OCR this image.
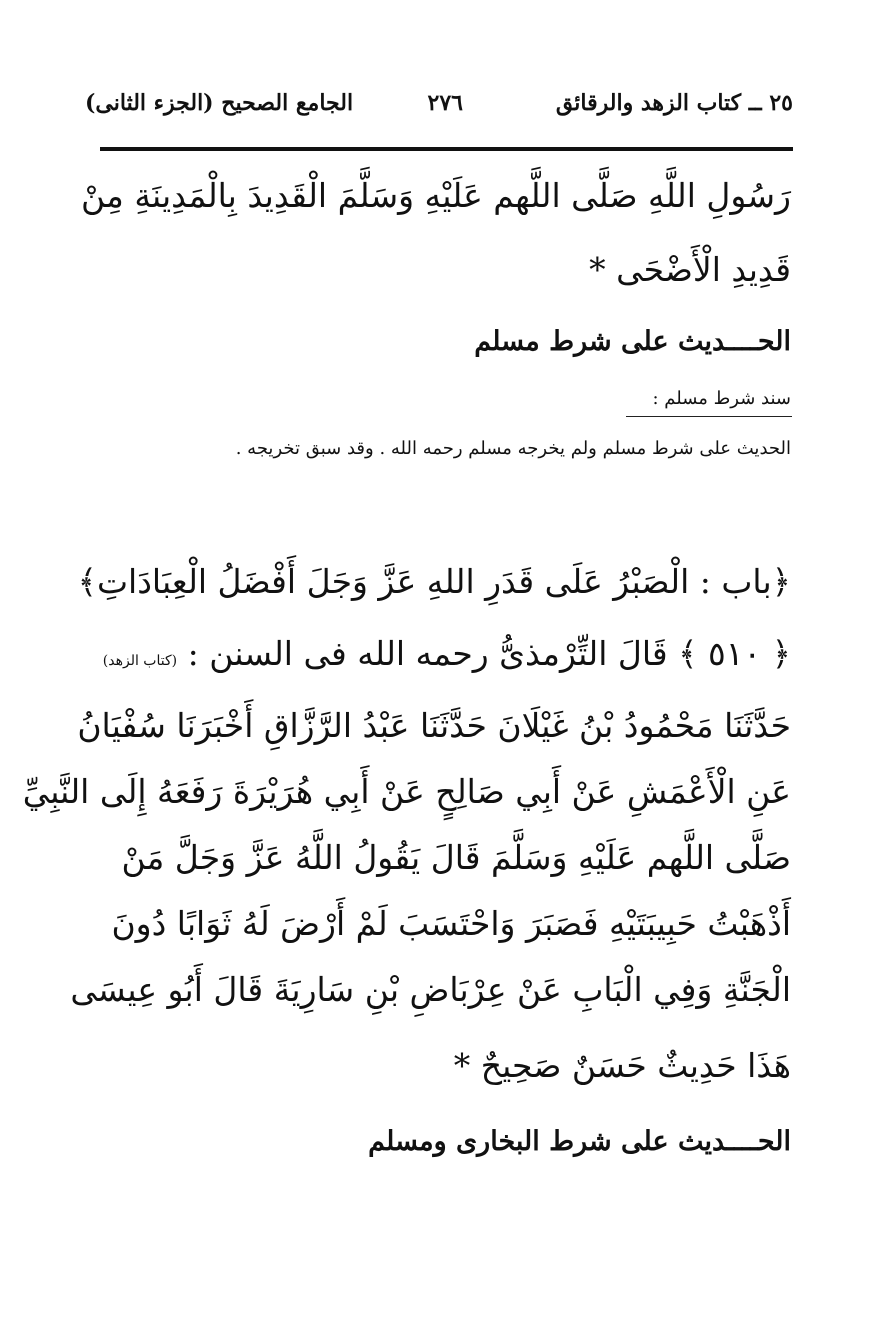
٢٥ ــ كتاب الزهد والرقائق
٢٧٦
الجامع الصحيح (الجزء الثانى)
رَسُولِ اللَّهِ صَلَّى اللَّهم عَلَيْهِ وَسَلَّمَ الْقَدِيدَ بِالْمَدِينَةِ مِنْ
قَدِيدِ الْأَضْحَى *
الحــــديث على شرط مسلم
سند شرط مسلم :
الحديث على شرط مسلم ولم يخرجه مسلم رحمه الله . وقد سبق تخريجه .
﴿باب : الْصَبْرُ عَلَى قَدَرِ اللهِ عَزَّ وَجَلَ أَفْضَلُ الْعِبَادَاتِ﴾
﴿ ٥١٠ ﴾ قَالَ التِّرْمذىُّ رحمه الله فى السنن : (كتاب الزهد)
حَدَّثَنَا مَحْمُودُ بْنُ غَيْلَانَ حَدَّثَنَا عَبْدُ الرَّزَّاقِ أَخْبَرَنَا سُفْيَانُ
عَنِ الْأَعْمَشِ عَنْ أَبِي صَالِحٍ عَنْ أَبِي هُرَيْرَةَ رَفَعَهُ إِلَى النَّبِيِّ
صَلَّى اللَّهم عَلَيْهِ وَسَلَّمَ قَالَ يَقُولُ اللَّهُ عَزَّ وَجَلَّ مَنْ
أَذْهَبْتُ حَبِيبَتَيْهِ فَصَبَرَ وَاحْتَسَبَ لَمْ أَرْضَ لَهُ ثَوَابًا دُونَ
الْجَنَّةِ وَفِي الْبَابِ عَنْ عِرْبَاضِ بْنِ سَارِيَةَ قَالَ أَبُو عِيسَى
هَذَا حَدِيثٌ حَسَنٌ صَحِيحٌ *
الحــــديث على شرط البخارى ومسلم
